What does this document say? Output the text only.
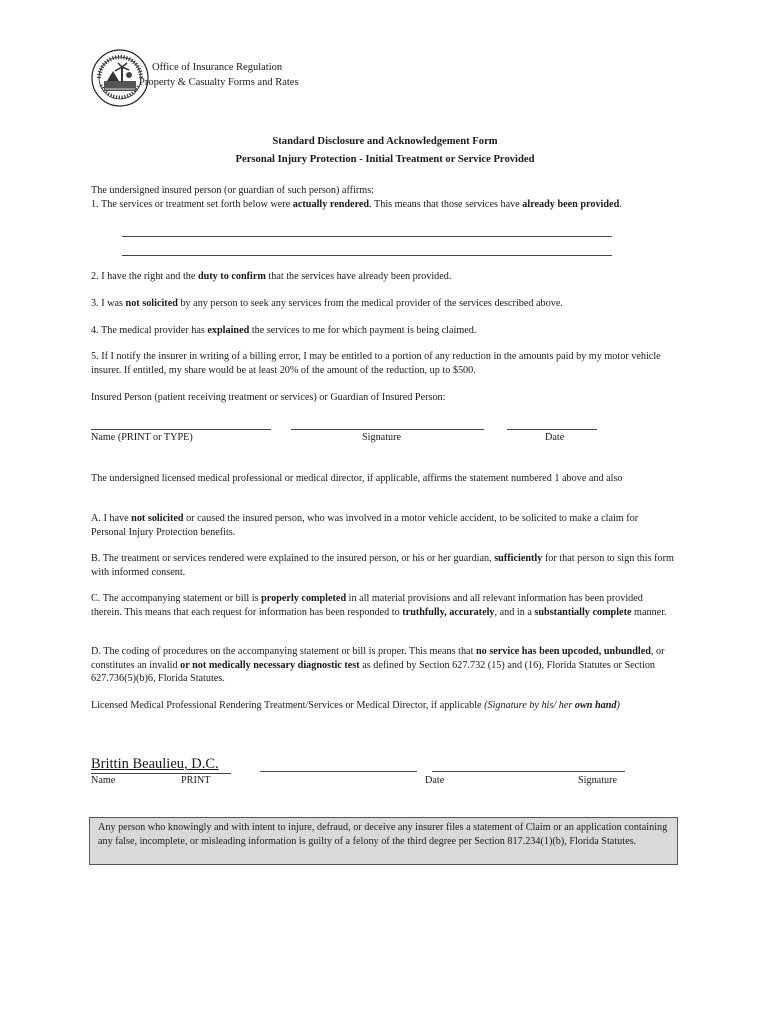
Office of Insurance Regulation
Property & Casualty Forms and Rates
Standard Disclosure and Acknowledgement Form
Personal Injury Protection - Initial Treatment or Service Provided
The undersigned insured person (or guardian of such person) affirms:
1. The services or treatment set forth below were actually rendered. This means that those services have already been provided.
2. I have the right and the duty to confirm that the services have already been provided.
3. I was not solicited by any person to seek any services from the medical provider of the services described above.
4. The medical provider has explained the services to me for which payment is being claimed.
5. If I notify the insurer in writing of a billing error, I may be entitled to a portion of any reduction in the amounts paid by my motor vehicle insurer. If entitled, my share would be at least 20% of the amount of the reduction, up to $500.
Insured Person (patient receiving treatment or services) or Guardian of Insured Person:
Name (PRINT or TYPE)	Signature	Date
The undersigned licensed medical professional or medical director, if applicable, affirms the statement numbered 1 above and also
A. I have not solicited or caused the insured person, who was involved in a motor vehicle accident, to be solicited to make a claim for Personal Injury Protection benefits.
B. The treatment or services rendered were explained to the insured person, or his or her guardian, sufficiently for that person to sign this form with informed consent.
C. The accompanying statement or bill is properly completed in all material provisions and all relevant information has been provided therein. This means that each request for information has been responded to truthfully, accurately, and in a substantially complete manner.
D. The coding of procedures on the accompanying statement or bill is proper. This means that no service has been upcoded, unbundled, or constitutes an invalid or not medically necessary diagnostic test as defined by Section 627.732 (15) and (16), Florida Statutes or Section 627.736(5)(b)6, Florida Statutes.
Licensed Medical Professional Rendering Treatment/Services or Medical Director, if applicable (Signature by his/ her own hand)
Brittin Beaulieu, D.C.
Name	PRINT	Date	Signature
Any person who knowingly and with intent to injure, defraud, or deceive any insurer files a statement of Claim or an application containing any false, incomplete, or misleading information is guilty of a felony of the third degree per Section 817.234(1)(b), Florida Statutes.
